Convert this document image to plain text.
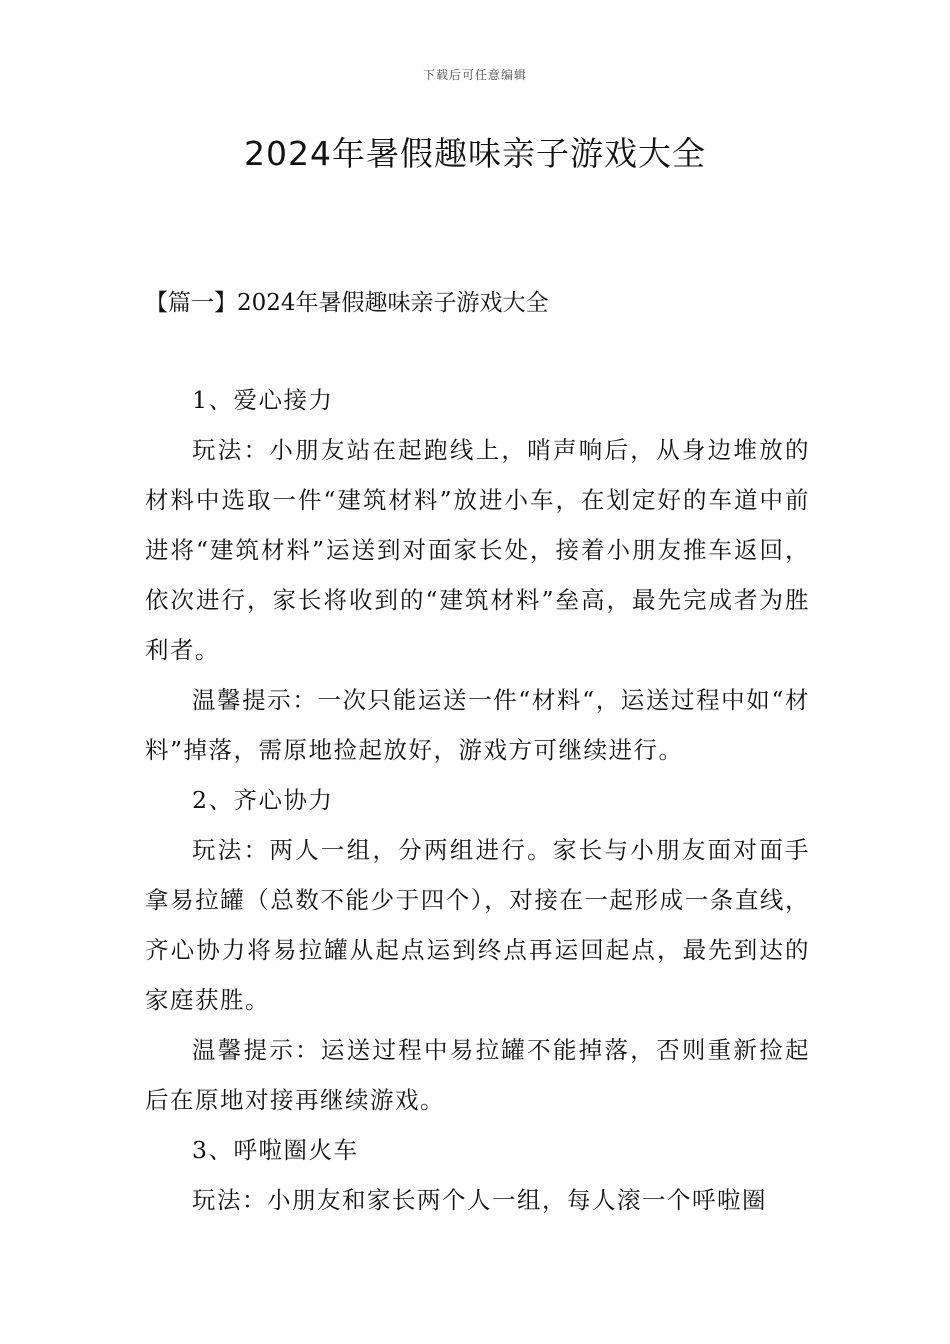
下载后可任意编辑
2024年暑假趣味亲子游戏大全
【篇一】2024年暑假趣味亲子游戏大全

1、爱心接力

玩法：小朋友站在起跑线上，哨声响后，从身边堆放的材料中选取一件“建筑材料”放进小车，在划定好的车道中前进将“建筑材料”运送到对面家长处，接着小朋友推车返回，依次进行，家长将收到的“建筑材料”垒高，最先完成者为胜利者。

温馨提示：一次只能运送一件“材料“，运送过程中如“材料”掉落，需原地捡起放好，游戏方可继续进行。

2、齐心协力

玩法：两人一组，分两组进行。家长与小朋友面对面手拿易拉罐（总数不能少于四个），对接在一起形成一条直线，齐心协力将易拉罐从起点运到终点再运回起点，最先到达的家庭获胜。

温馨提示：运送过程中易拉罐不能掉落，否则重新捡起后在原地对接再继续游戏。

3、呼啦圈火车

玩法：小朋友和家长两个人一组，每人滚一个呼啦圈
